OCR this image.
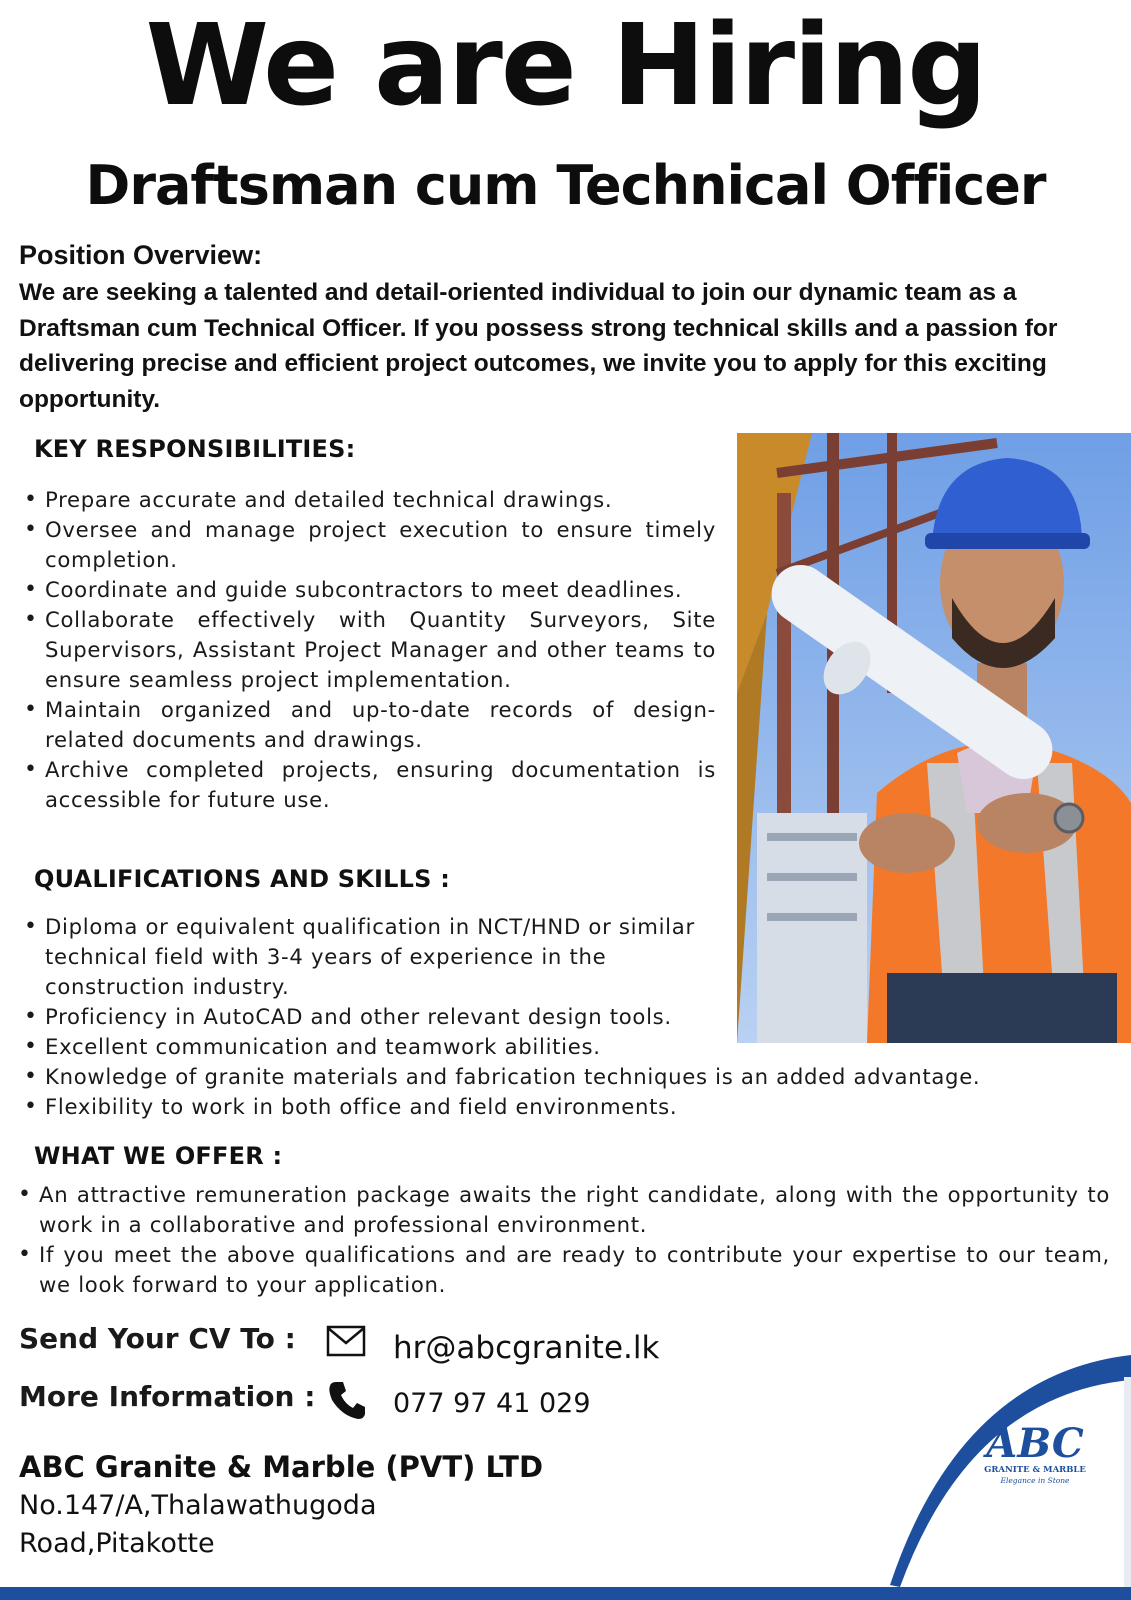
We are Hiring
Draftsman cum Technical Officer
Position Overview:
We are seeking a talented and detail-oriented individual to join our dynamic team as a Draftsman cum Technical Officer. If you possess strong technical skills and a passion for delivering precise and efficient project outcomes, we invite you to apply for this exciting opportunity.
KEY RESPONSIBILITIES:
• Prepare accurate and detailed technical drawings.
• Oversee and manage project execution to ensure timely completion.
• Coordinate and guide subcontractors to meet deadlines.
• Collaborate effectively with Quantity Surveyors, Site Supervisors, Assistant Project Manager and other teams to ensure seamless project implementation.
• Maintain organized and up-to-date records of design-related documents and drawings.
• Archive completed projects, ensuring documentation is accessible for future use.
QUALIFICATIONS AND SKILLS :
• Diploma or equivalent qualification in NCT/HND or similar technical field with 3-4 years of experience in the construction industry.
• Proficiency in AutoCAD and other relevant design tools.
• Excellent communication and teamwork abilities.
• Knowledge of granite materials and fabrication techniques is an added advantage.
• Flexibility to work in both office and field environments.
WHAT WE OFFER :
• An attractive remuneration package awaits the right candidate, along with the opportunity to work in a collaborative and professional environment.
• If you meet the above qualifications and are ready to contribute your expertise to our team, we look forward to your application.
Send Your CV To :	hr@abcgranite.lk
More Information :	077 97 41 029
ABC Granite & Marble (PVT) LTD
No.147/A,Thalawathugoda
Road,Pitakotte
ABC
GRANITE & MARBLE
Elegance in Stone
